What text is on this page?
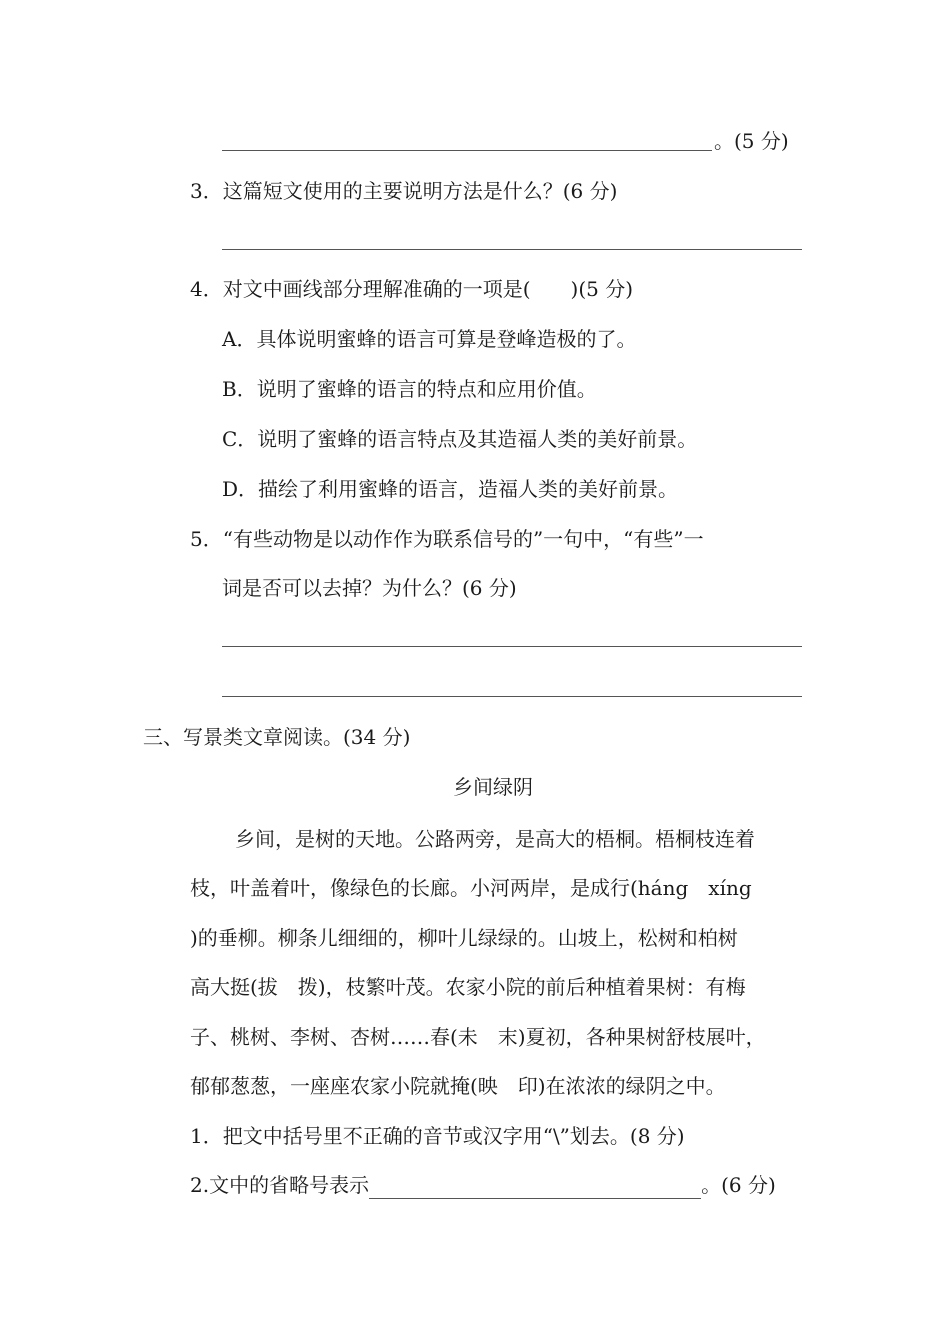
。(5 分)
3．这篇短文使用的主要说明方法是什么？(6 分)
4．对文中画线部分理解准确的一项是(　　)(5 分)
A．具体说明蜜蜂的语言可算是登峰造极的了。
B．说明了蜜蜂的语言的特点和应用价值。
C．说明了蜜蜂的语言特点及其造福人类的美好前景。
D．描绘了利用蜜蜂的语言，造福人类的美好前景。
5．“有些动物是以动作作为联系信号的”一句中，“有些”一
词是否可以去掉？为什么？(6 分)
三、写景类文章阅读。(34 分)
乡间绿阴
乡间，是树的天地。公路两旁，是高大的梧桐。梧桐枝连着
枝，叶盖着叶，像绿色的长廊。小河两岸，是成行(háng　xíng
)的垂柳。柳条儿细细的，柳叶儿绿绿的。山坡上，松树和柏树
高大挺(拔　拨)，枝繁叶茂。农家小院的前后种植着果树：有梅
子、桃树、李树、杏树……春(未　末)夏初，各种果树舒枝展叶，
郁郁葱葱，一座座农家小院就掩(映　印)在浓浓的绿阴之中。
1．把文中括号里不正确的音节或汉字用“\”划去。(8 分)
2.文中的省略号表示	。(6 分)
